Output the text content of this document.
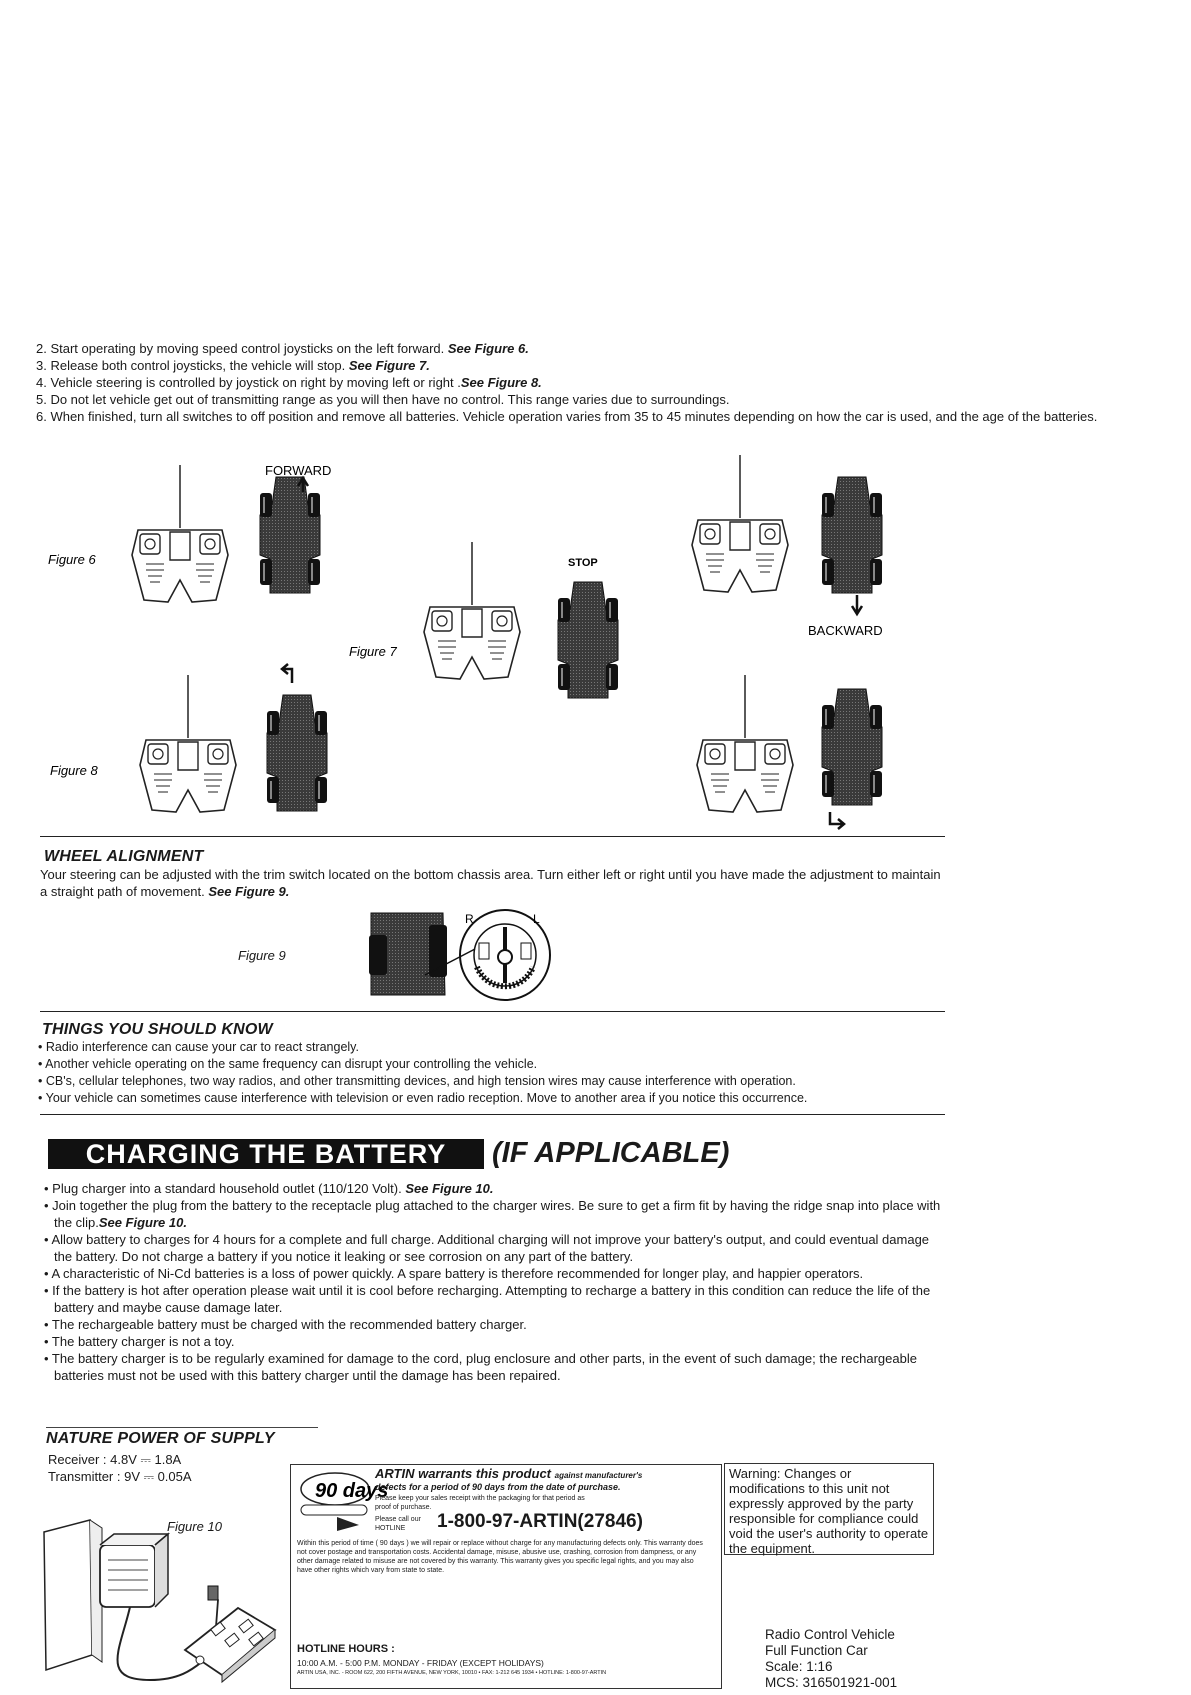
2. Start operating by moving speed control joysticks on the left forward. See Figure 6.

3. Release both control joysticks, the vehicle will stop. See Figure 7.

4. Vehicle steering is controlled by joystick on right by moving left or right .See Figure 8.

5. Do not let vehicle get out of transmitting range as you will then have no control. This range varies due to surroundings.

6. When finished, turn all switches to off position and remove all batteries. Vehicle operation varies from 35 to 45 minutes depending on how the car is used, and the age of the batteries.

FORWARD
Figure 6	STOP
Figure 7
BACKWARD
Figure 8
WHEEL ALIGNMENT
Your steering can be adjusted with the trim switch located on the bottom chassis area. Turn either left or right until you have made the adjustment to maintain a straight path of movement. See Figure 9.
Figure 9
R	L
THINGS YOU SHOULD KNOW

• Radio interference can cause your car to react strangely.

• Another vehicle operating on the same frequency can disrupt your controlling the vehicle.

• CB's, cellular telephones, two way radios, and other transmitting devices, and high tension wires may cause interference with operation.

• Your vehicle can sometimes cause interference with television or even radio reception. Move to another area if you notice this occurrence.

CHARGING THE BATTERY	(IF APPLICABLE)

• Plug charger into a standard household outlet (110/120 Volt). See Figure 10.

• Join together the plug from the battery to the receptacle plug attached to the charger wires. Be sure to get a firm fit by having the ridge snap into place with the clip.See Figure 10.

• Allow battery to charges for 4 hours for a complete and full charge. Additional charging will not improve your battery's output, and could eventual damage the battery. Do not charge a battery if you notice it leaking or see corrosion on any part of the battery.

• A characteristic of Ni-Cd batteries is a loss of power quickly. A spare battery is therefore recommended for longer play, and happier operators.

• If the battery is hot after operation please wait until it is cool before recharging. Attempting to recharge a battery in this condition can reduce the life of the battery and maybe cause damage later.

• The rechargeable battery must be charged with the recommended battery charger.

• The battery charger is not a toy.

• The battery charger is to be regularly examined for damage to the cord, plug enclosure and other parts, in the event of such damage; the rechargeable batteries must not be used with this battery charger until the damage has been repaired.

NATURE POWER OF SUPPLY
Receiver : 4.8V ⎓ 1.8A
Transmitter : 9V ⎓ 0.05A
Figure 10
90 days
ARTIN warrants this product against manufacturer's
defects for a period of 90 days from the date of purchase.
Please keep your sales receipt with the packaging for that period as proof of purchase.
Please call our HOTLINE	1-800-97-ARTIN(27846)
Within this period of time ( 90 days ) we will repair or replace without charge for any manufacturing defects only. This warranty does not cover postage and transportation costs. Accidental damage, misuse, abusive use, crashing, corrosion from dampness, or any other damage related to misuse are not covered by this warranty. This warranty gives you specific legal rights, and you may also have other rights which vary from state to state.
HOTLINE HOURS :
10:00 A.M. - 5:00 P.M. MONDAY - FRIDAY (EXCEPT HOLIDAYS)
ARTIN USA, INC. - ROOM 622, 200 FIFTH AVENUE, NEW YORK, 10010 • FAX: 1-212 645 1934 • HOTLINE: 1-800-97-ARTIN
Warning: Changes or modifications to this unit not expressly approved by the party responsible for compliance could void the user's authority to operate the equipment.
Radio Control Vehicle
Full Function Car
Scale: 1:16
MCS: 316501921-001
